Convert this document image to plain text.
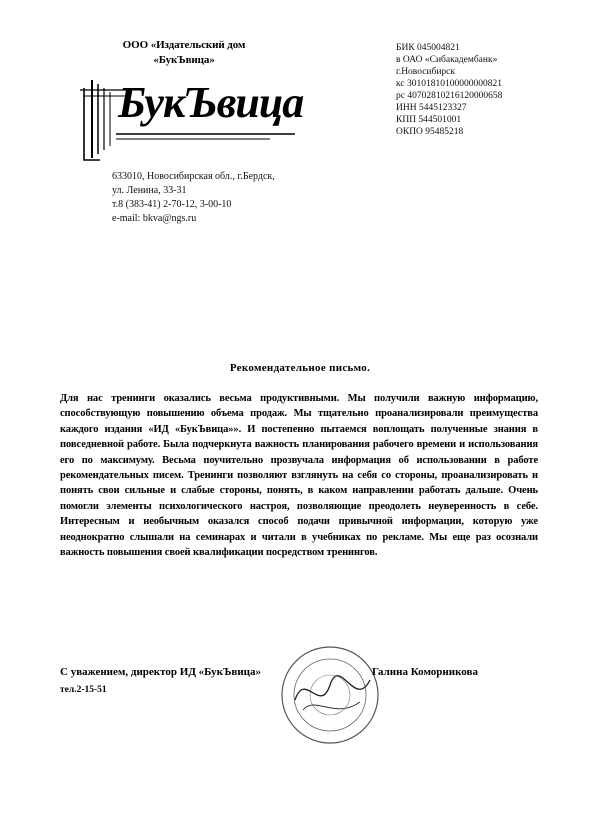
ООО «Издательский дом
«БукЪвица»
БукЪвица
БИК 045004821
в ОАО «Сибакадембанк»
г.Новосибирск
кс 30101810100000000821
рс 40702810216120000658
ИНН 5445123327
КПП 544501001
ОКПО 95485218
633010, Новосибирская обл., г.Бердск,
ул. Ленина, 33-31
т.8 (383-41) 2-70-12, 3-00-10
e-mail: bkva@ngs.ru
Рекомендательное письмо.
Для нас тренинги оказались весьма продуктивными. Мы получили важную информацию, способствующую повышению объема продаж. Мы тщательно проанализировали преимущества каждого издания «ИД «БукЪвица»». И постепенно пытаемся воплощать полученные знания в повседневной работе. Была подчеркнута важность планирования рабочего времени и использования его по максимуму. Весьма поучительно прозвучала информация об использовании в работе рекомендательных писем. Тренинги позволяют взглянуть на себя со стороны, проанализировать и понять свои сильные и слабые стороны, понять, в каком направлении работать дальше. Очень помогли элементы психологического настроя, позволяющие преодолеть неуверенность в себе. Интересным и необычным оказался способ подачи привычной информации, которую уже неоднократно слышали на семинарах и читали в учебниках по рекламе. Мы еще раз осознали важность повышения своей квалификации посредством тренингов.
С уважением, директор ИД «БукЪвица»	Галина Коморникова
тел.2-15-51
